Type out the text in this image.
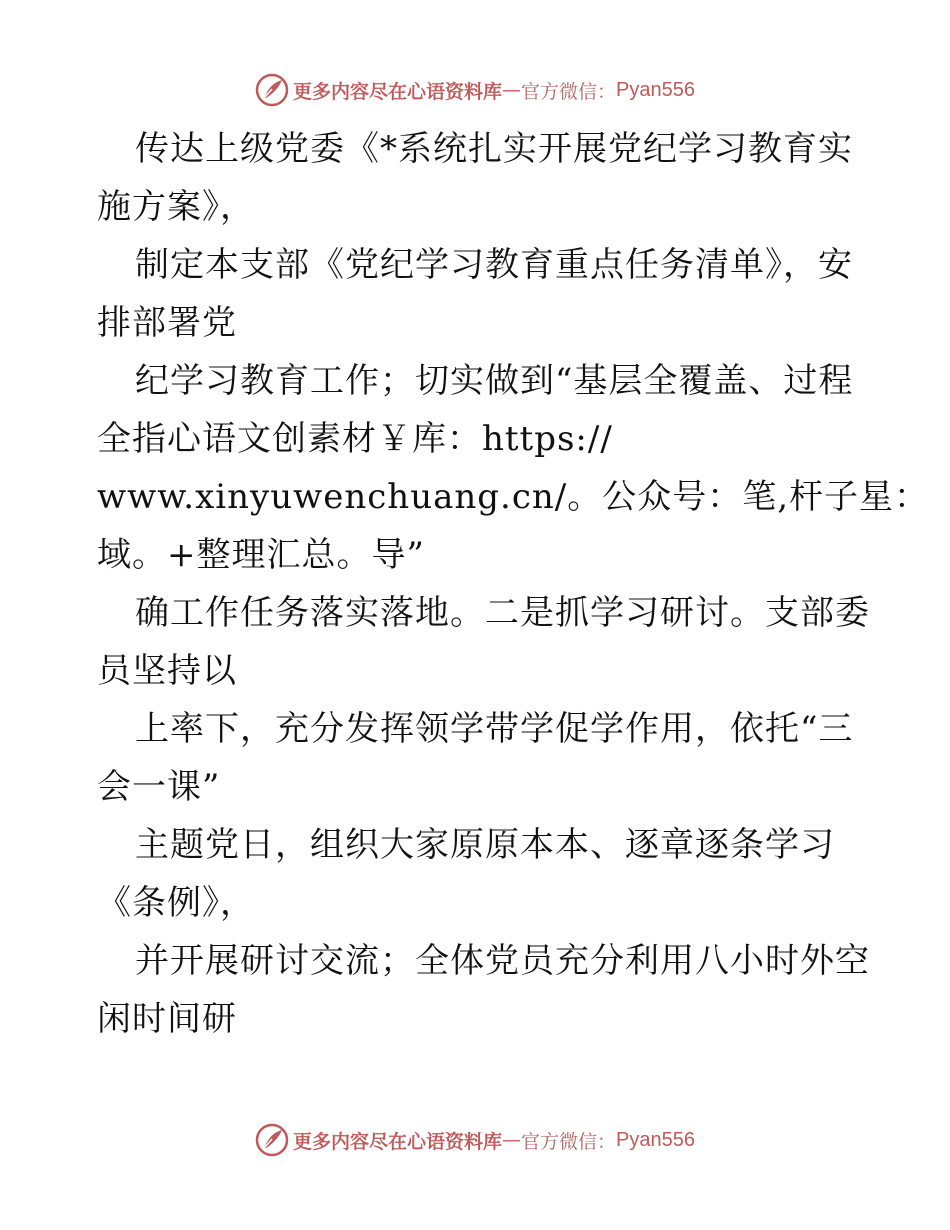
更多内容尽在心语资料库 — 官方微信： Pyan556
传达上级党委《*系统扎实开展党纪学习教育实
施方案》，
制定本支部《党纪学习教育重点任务清单》，安
排部署党
纪学习教育工作；切实做到“基层全覆盖、过程
全指心语文创素材￥库：https://
www.xinyuwenchuang.cn/。公众号：笔,杆子星：
域。+整理汇总。导”
确工作任务落实落地。二是抓学习研讨。支部委
员坚持以
上率下，充分发挥领学带学促学作用，依托“三
会一课”
主题党日，组织大家原原本本、逐章逐条学习
《条例》，
并开展研讨交流；全体党员充分利用八小时外空
闲时间研
更多内容尽在心语资料库 — 官方微信： Pyan556
